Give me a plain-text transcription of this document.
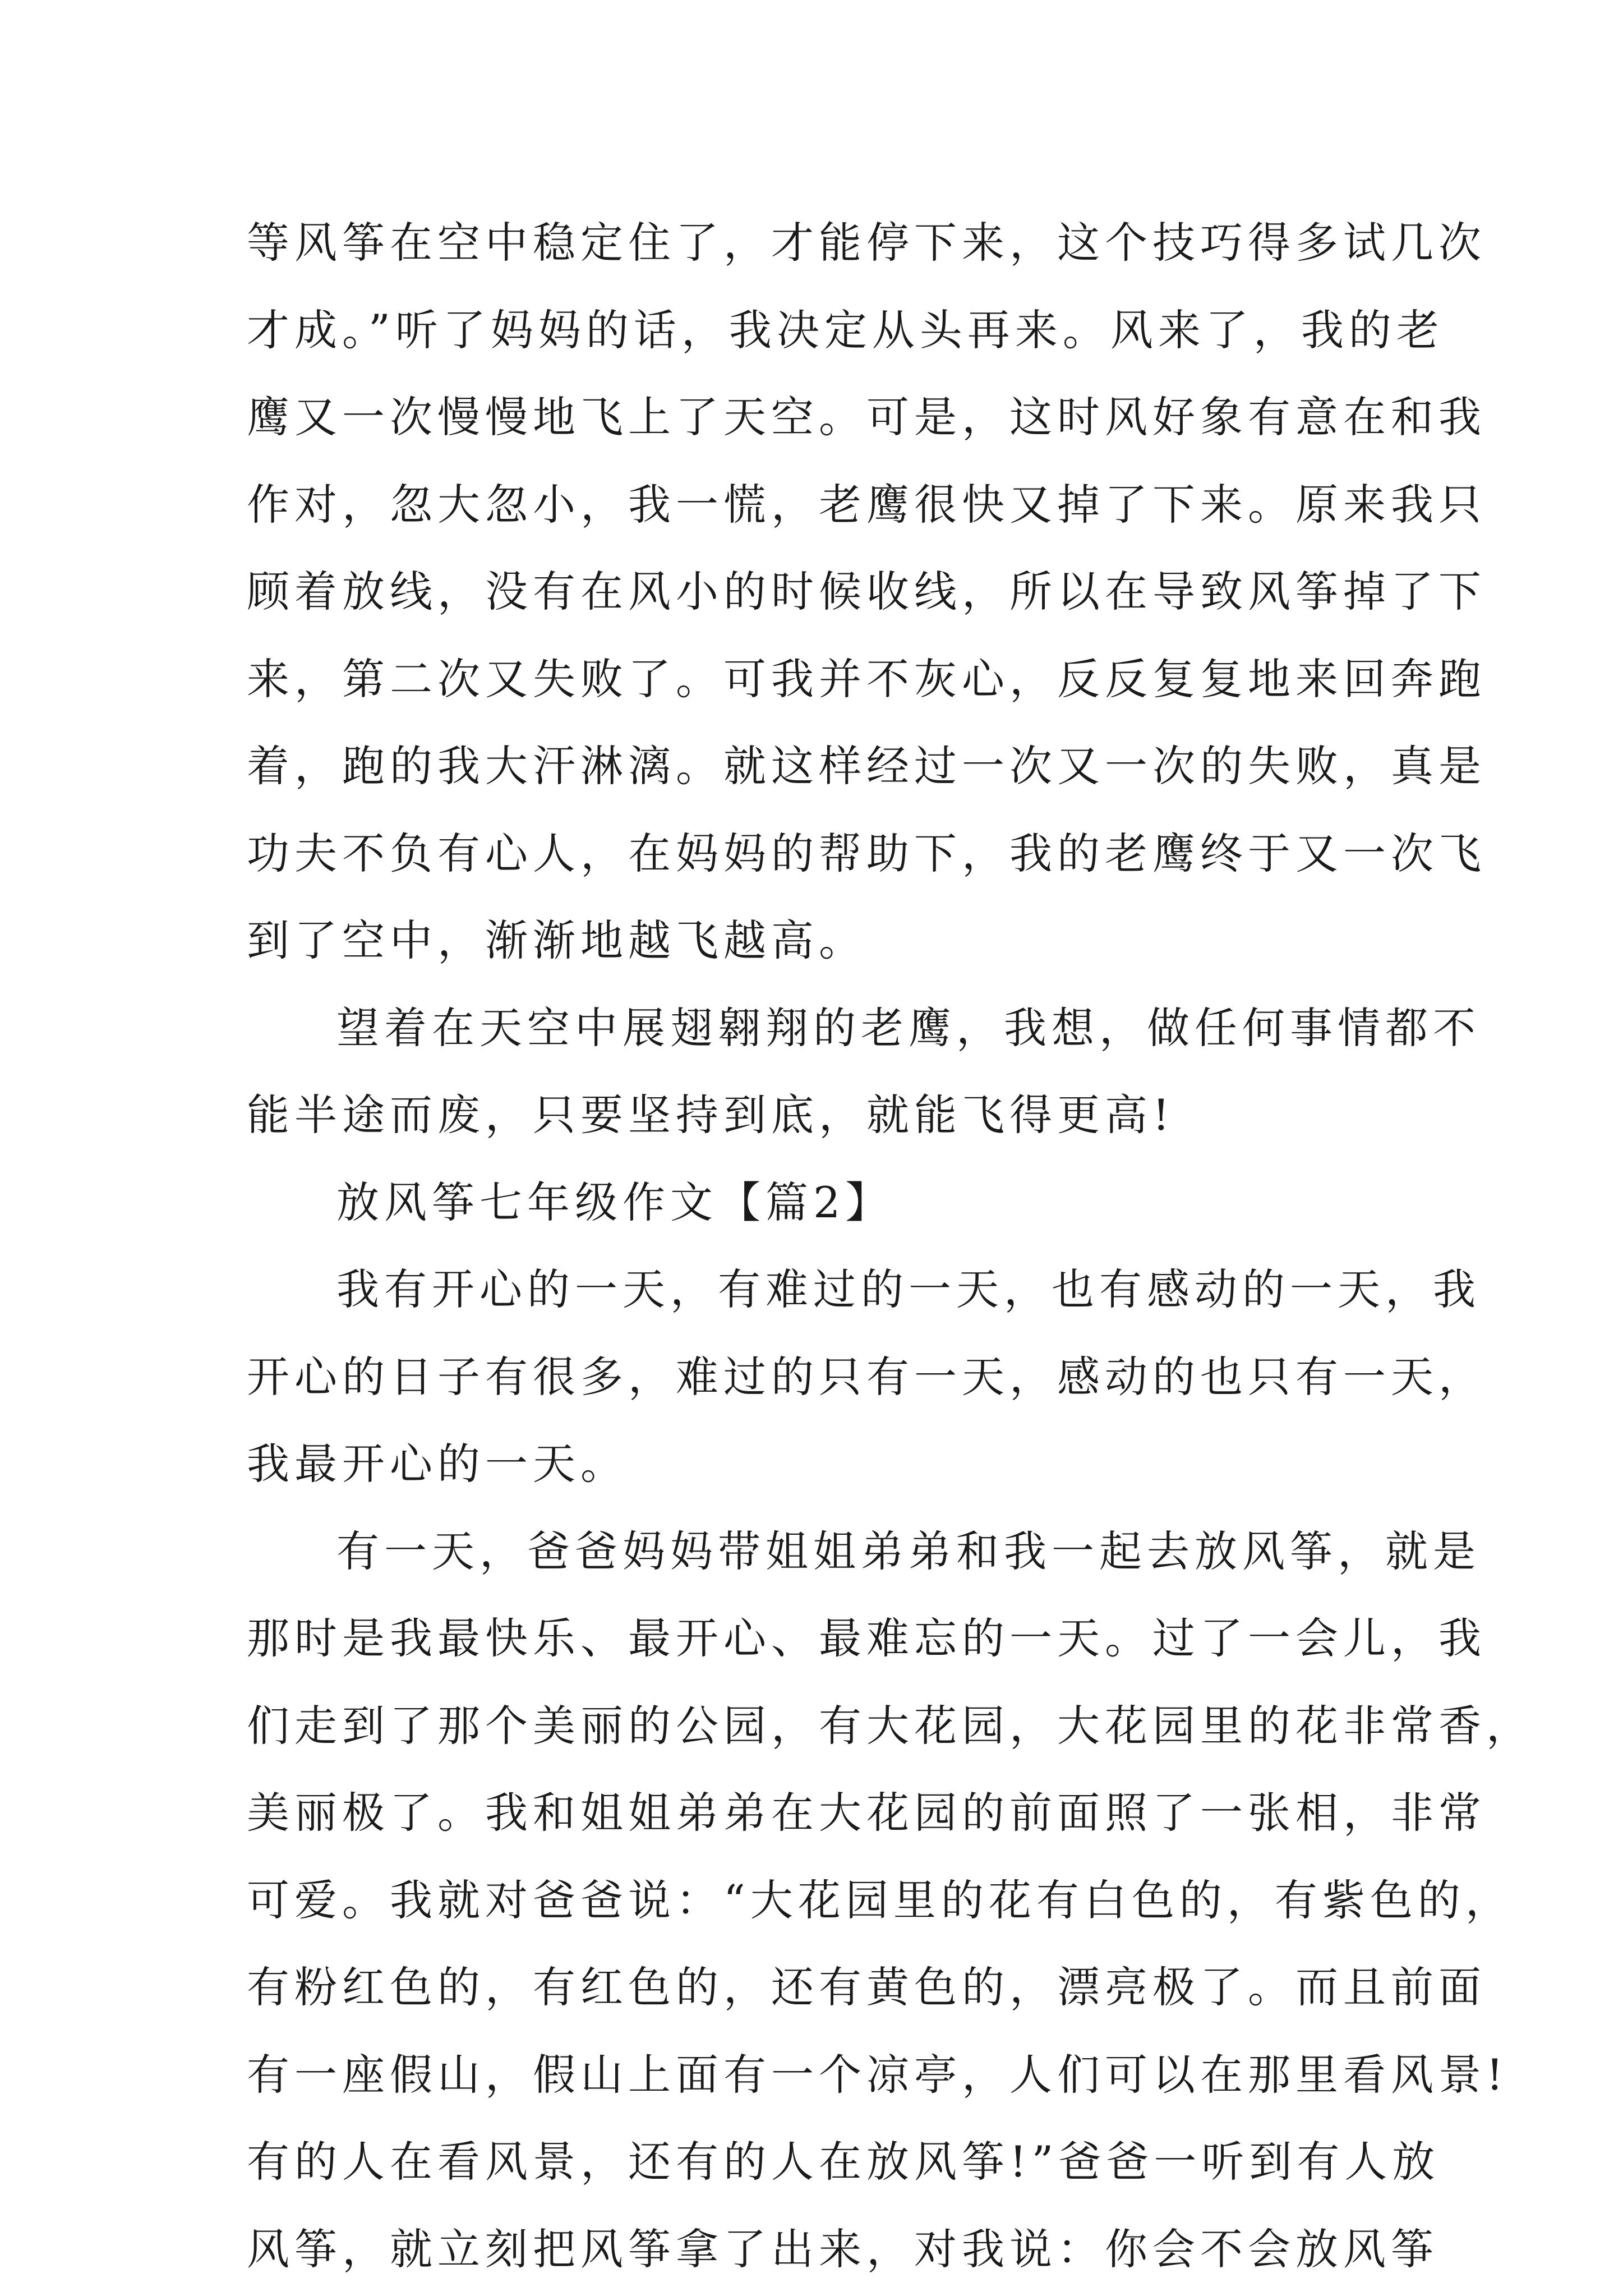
等风筝在空中稳定住了，才能停下来，这个技巧得多试几次
才成。”听了妈妈的话，我决定从头再来。风来了，我的老
鹰又一次慢慢地飞上了天空。可是，这时风好象有意在和我
作对，忽大忽小，我一慌，老鹰很快又掉了下来。原来我只
顾着放线，没有在风小的时候收线，所以在导致风筝掉了下
来，第二次又失败了。可我并不灰心，反反复复地来回奔跑
着，跑的我大汗淋漓。就这样经过一次又一次的失败，真是
功夫不负有心人，在妈妈的帮助下，我的老鹰终于又一次飞
到了空中，渐渐地越飞越高。
望着在天空中展翅翱翔的老鹰，我想，做任何事情都不
能半途而废，只要坚持到底，就能飞得更高!
放风筝七年级作文【篇2】
我有开心的一天，有难过的一天，也有感动的一天，我
开心的日子有很多，难过的只有一天，感动的也只有一天，
我最开心的一天。
有一天，爸爸妈妈带姐姐弟弟和我一起去放风筝，就是
那时是我最快乐、最开心、最难忘的一天。过了一会儿，我
们走到了那个美丽的公园，有大花园，大花园里的花非常香，
美丽极了。我和姐姐弟弟在大花园的前面照了一张相，非常
可爱。我就对爸爸说：“大花园里的花有白色的，有紫色的，
有粉红色的，有红色的，还有黄色的，漂亮极了。而且前面
有一座假山，假山上面有一个凉亭，人们可以在那里看风景!
有的人在看风景，还有的人在放风筝!”爸爸一听到有人放
风筝，就立刻把风筝拿了出来，对我说：你会不会放风筝
